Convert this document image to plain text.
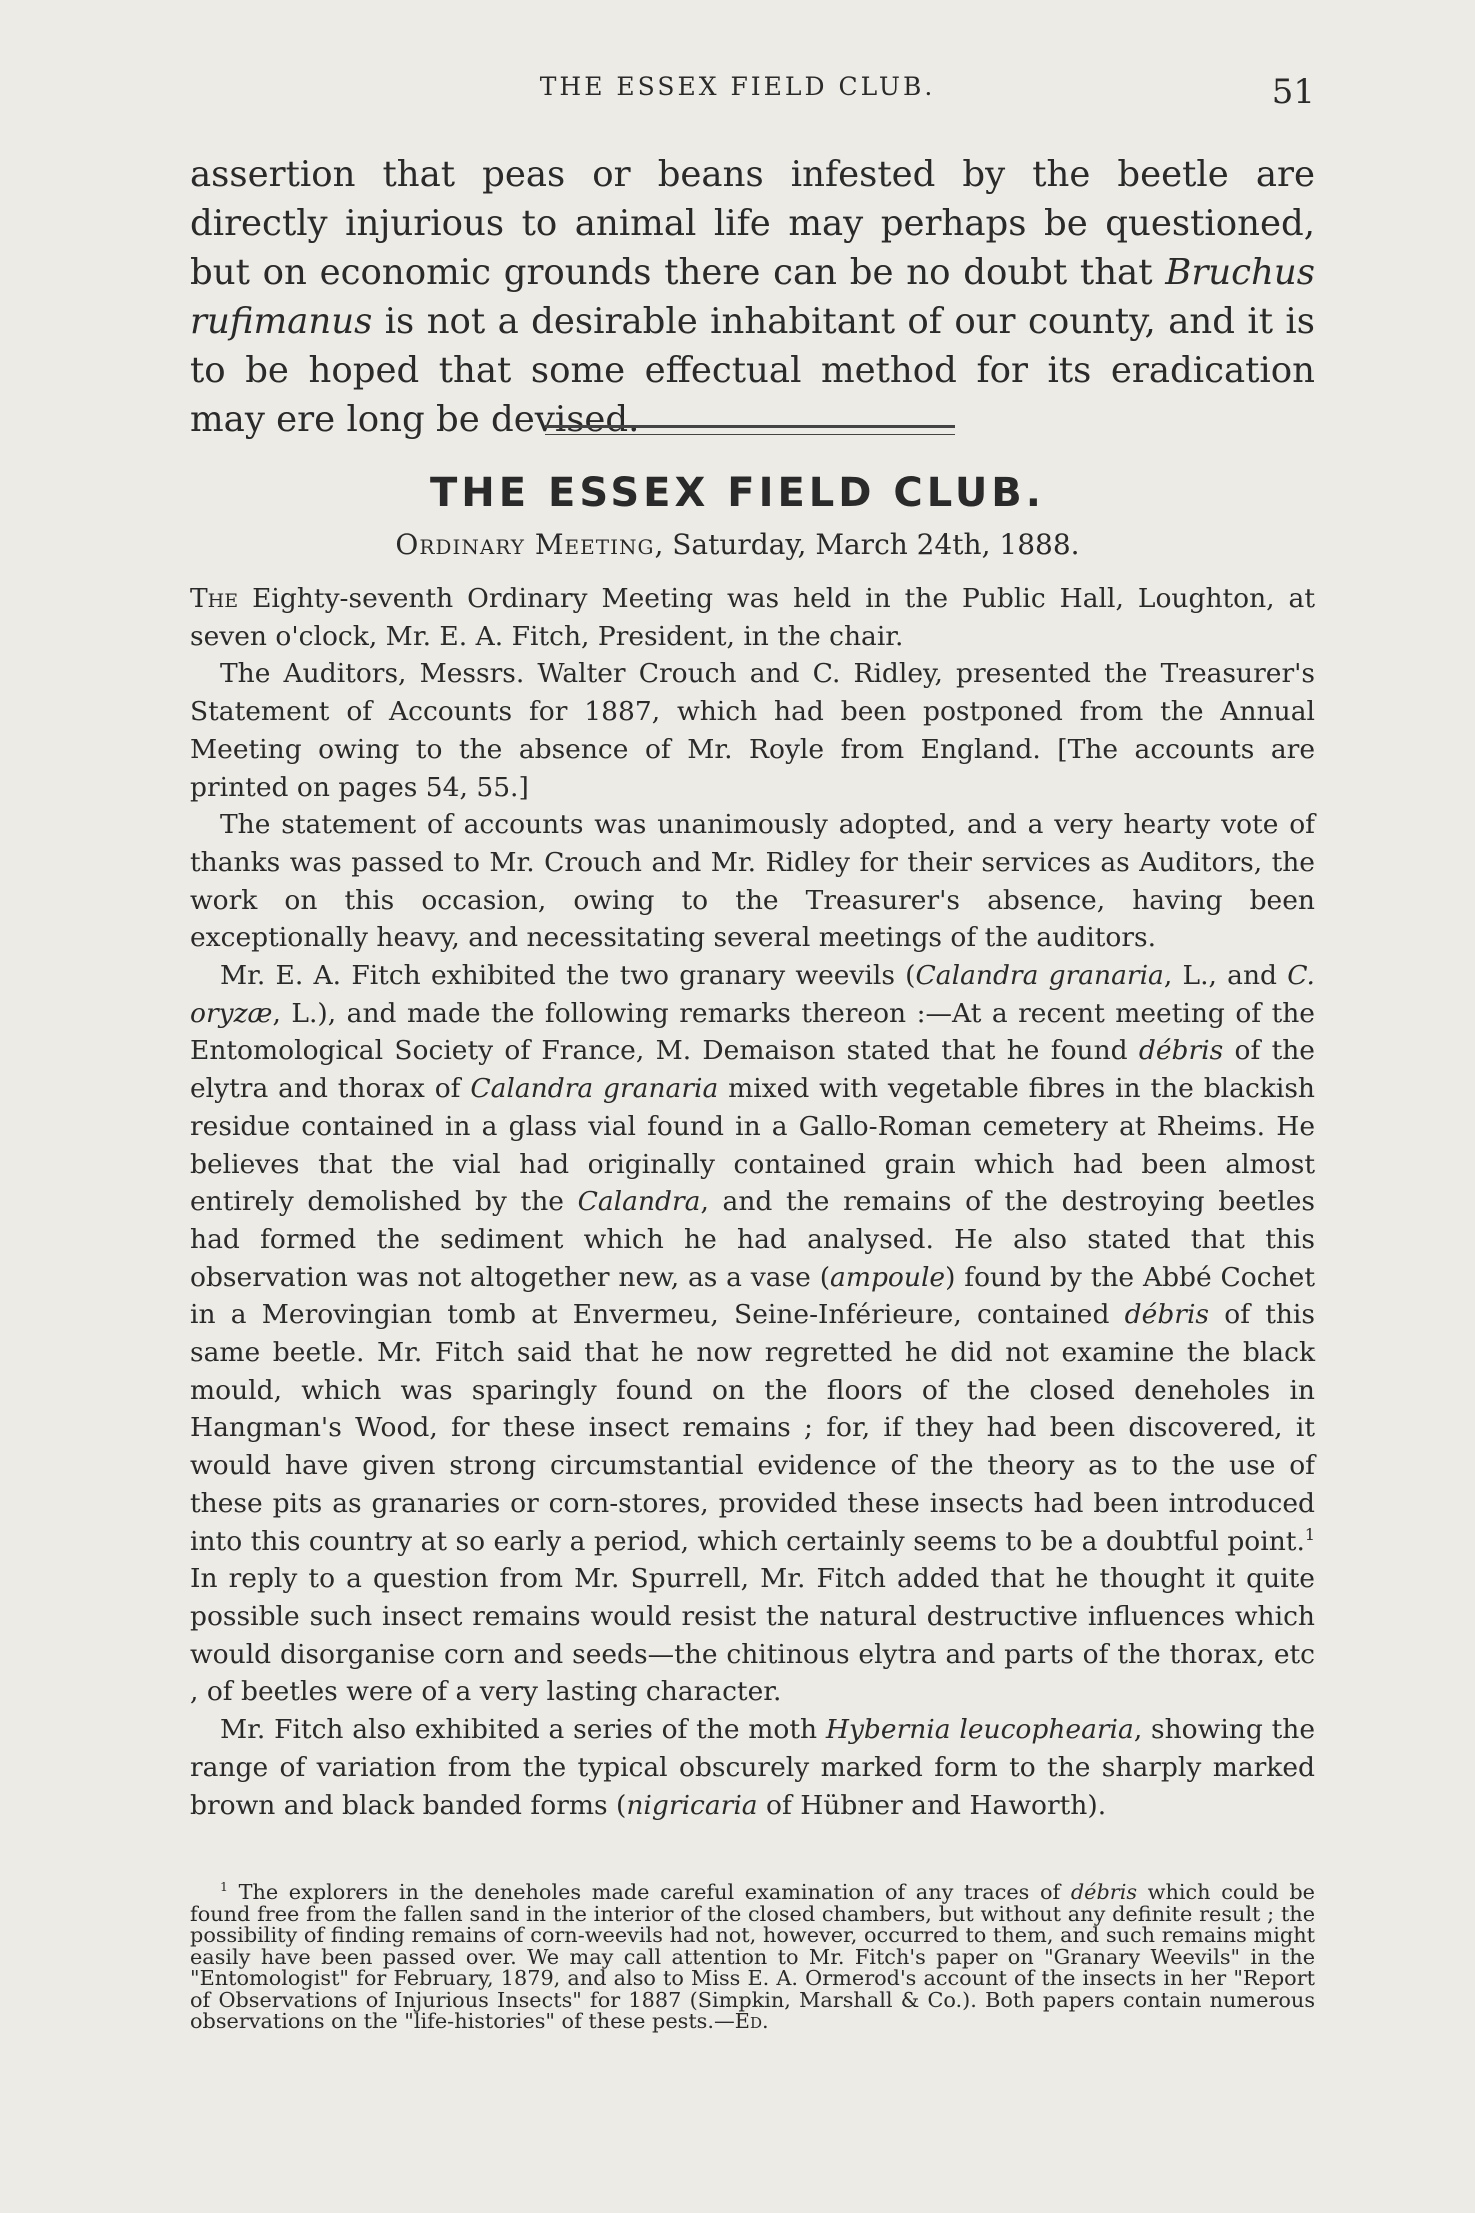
THE ESSEX FIELD CLUB.	51

assertion that peas or beans infested by the beetle are directly injurious to animal life may perhaps be questioned, but on economic grounds there can be no doubt that Bruchus rufimanus is not a desirable inhabitant of our county, and it is to be hoped that some effectual method for its eradication may ere long be devised.

THE ESSEX FIELD CLUB.
Ordinary Meeting, Saturday, March 24th, 1888.

The Eighty-seventh Ordinary Meeting was held in the Public Hall, Loughton, at seven o'clock, Mr. E. A. Fitch, President, in the chair.

The Auditors, Messrs. Walter Crouch and C. Ridley, presented the Treasurer's Statement of Accounts for 1887, which had been postponed from the Annual Meeting owing to the absence of Mr. Royle from England. [The accounts are printed on pages 54, 55.]

The statement of accounts was unanimously adopted, and a very hearty vote of thanks was passed to Mr. Crouch and Mr. Ridley for their services as Auditors, the work on this occasion, owing to the Treasurer's absence, having been exceptionally heavy, and necessitating several meetings of the auditors.

Mr. E. A. Fitch exhibited the two granary weevils (Calandra granaria, L., and C. oryzæ, L.), and made the following remarks thereon :—At a recent meeting of the Entomological Society of France, M. Demaison stated that he found débris of the elytra and thorax of Calandra granaria mixed with vegetable fibres in the blackish residue contained in a glass vial found in a Gallo-Roman cemetery at Rheims. He believes that the vial had originally contained grain which had been almost entirely demolished by the Calandra, and the remains of the destroying beetles had formed the sediment which he had analysed. He also stated that this observation was not altogether new, as a vase (ampoule) found by the Abbé Cochet in a Merovingian tomb at Envermeu, Seine-Inférieure, contained débris of this same beetle. Mr. Fitch said that he now regretted he did not examine the black mould, which was sparingly found on the floors of the closed deneholes in Hangman's Wood, for these insect remains ; for, if they had been discovered, it would have given strong circumstantial evidence of the theory as to the use of these pits as granaries or corn-stores, provided these insects had been introduced into this country at so early a period, which certainly seems to be a doubtful point.$^1$ In reply to a question from Mr. Spurrell, Mr. Fitch added that he thought it quite possible such insect remains would resist the natural destructive influences which would disorganise corn and seeds—the chitinous elytra and parts of the thorax, etc , of beetles were of a very lasting character.

Mr. Fitch also exhibited a series of the moth Hybernia leucophearia, showing the range of variation from the typical obscurely marked form to the sharply marked brown and black banded forms (nigricaria of Hübner and Haworth).

$^1$ The explorers in the deneholes made careful examination of any traces of débris which could be found free from the fallen sand in the interior of the closed chambers, but without any definite result ; the possibility of finding remains of corn-weevils had not, however, occurred to them, and such remains might easily have been passed over. We may call attention to Mr. Fitch's paper on "Granary Weevils" in the "Entomologist" for February, 1879, and also to Miss E. A. Ormerod's account of the insects in her "Report of Observations of Injurious Insects" for 1887 (Simpkin, Marshall & Co.). Both papers contain numerous observations on the "life-histories" of these pests.—Ed.
